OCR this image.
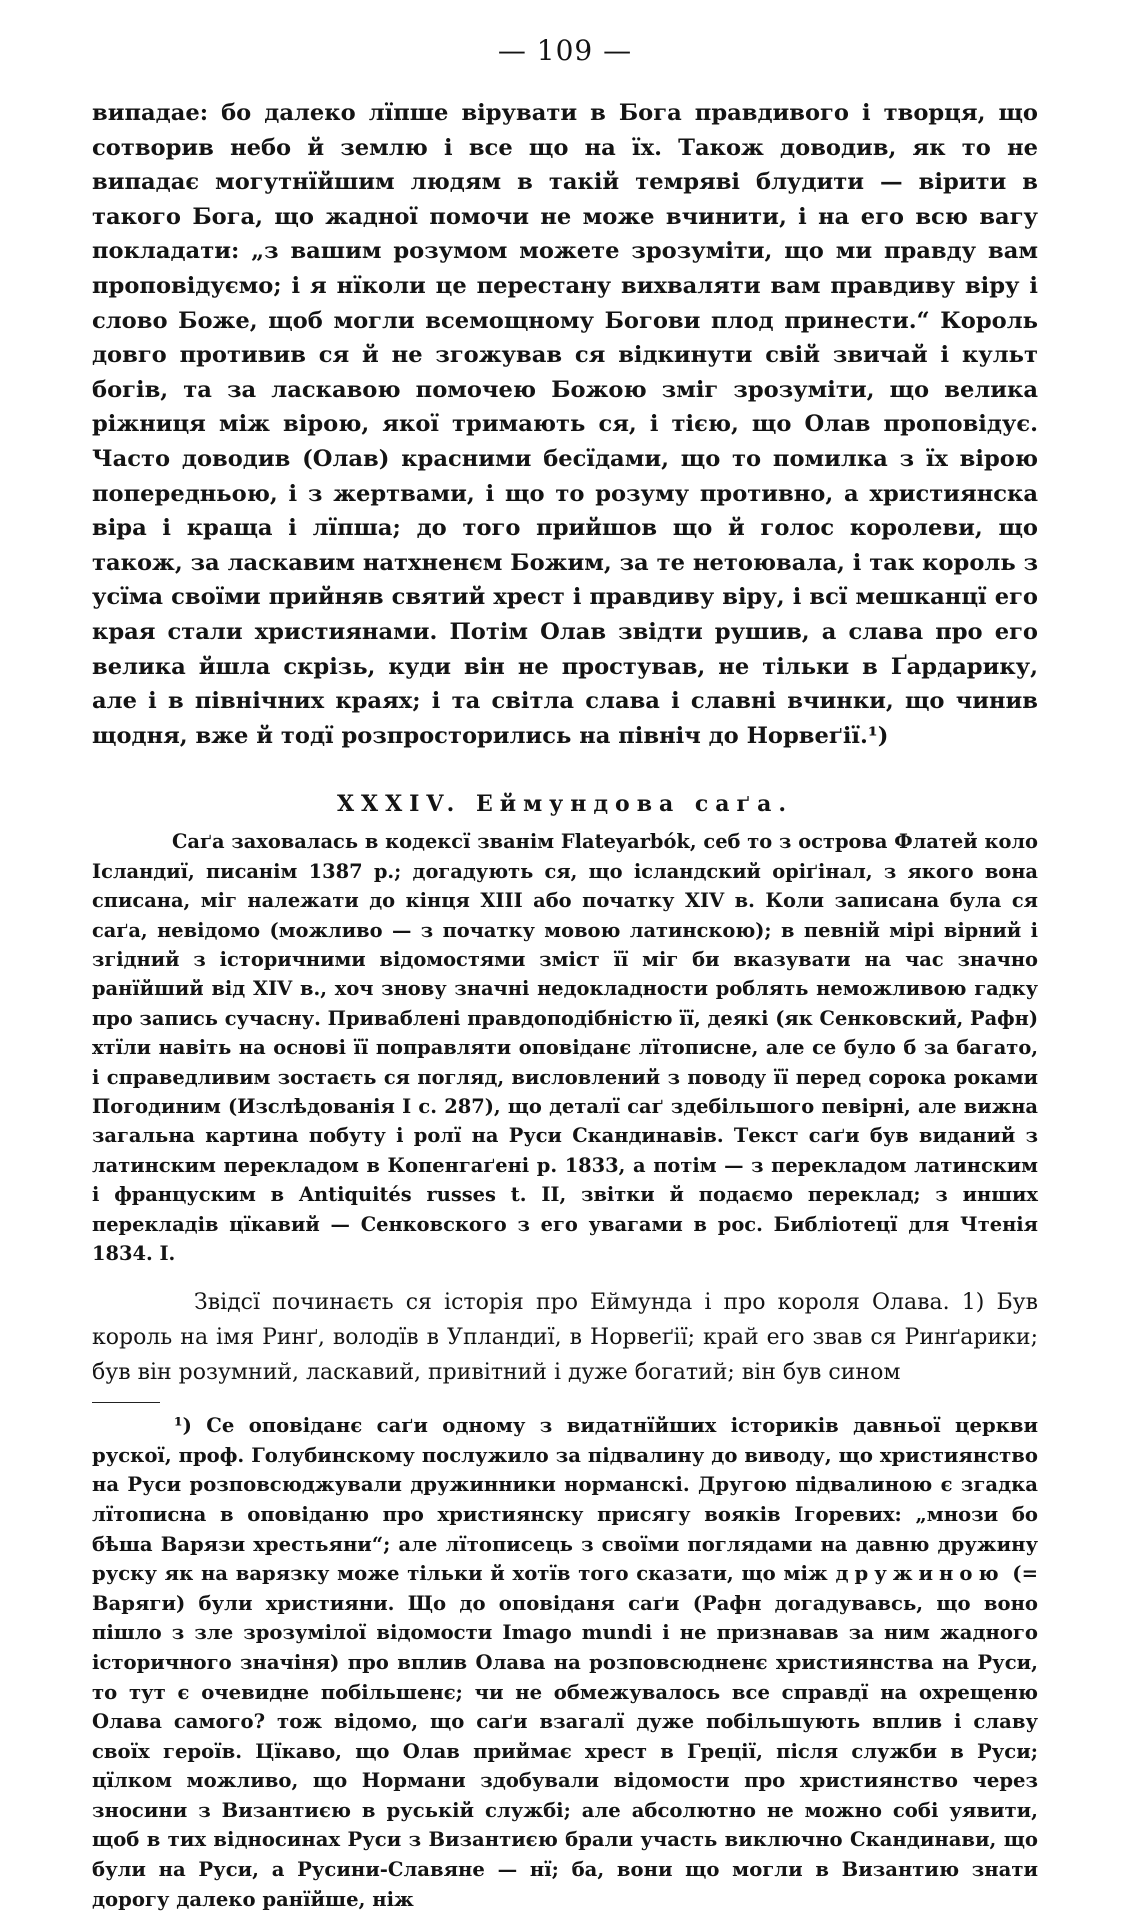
— 109 —

випадае: бо далеко лїпше вірувати в Бога правдивого і творця, що сотворив небо й землю і все що на їх. Також доводив, як то не випадає могутнїйшим людям в такій темряві блудити — вірити в такого Бога, що жадної помочи не може вчинити, і на его всю вагу покладати: „з вашим розумом можете зрозуміти, що ми правду вам проповідуємо; і я нїколи це перестану вихваляти вам правдиву віру і слово Боже, щоб могли всемощному Богови плод принести.“ Король довго противив ся й не згожував ся відкинути свій звичай і культ богів, та за ласкавою помочею Божою зміг зрозуміти, що велика ріжниця між вірою, якої тримають ся, і тією, що Олав проповідує. Часто доводив (Олав) красними бесїдами, що то помилка з їх вірою попередньою, і з жертвами, і що то розуму противно, а християнска віра і краща і лїпша; до того прийшов що й голос королеви, що також, за ласкавим натхненєм Божим, за те нетоювала, і так король з усїма своїми прийняв святий хрест і правдиву віру, і всї мешканцї его края стали християнами. Потім Олав звідти рушив, а слава про его велика йшла скрізь, куди він не простував, не тільки в Ґардарику, але і в північних краях; і та світла слава і славні вчинки, що чинив щодня, вже й тодї розпросторились на північ до Норвеґії.¹)

XXXIV. Еймундова саґа.

Саґа заховалась в кодексї званім Flateyarbók, себ то з острова Флатей коло Ісландиї, писанім 1387 р.; догадують ся, що ісландский оріґінал, з якого вона списана, міг належати до кінця XIII або початку XIV в. Коли записана була ся саґа, невідомо (можливо — з початку мовою латинскою); в певній мірі вірний і згідний з історичними відомостями зміст її міг би вказувати на час значно ранїйший від XIV в., хоч знову значні недокладности роблять неможливою гадку про запись сучасну. Приваблені правдоподібністю її, деякі (як Сенковский, Рафн) хтїли навіть на основі її поправляти оповіданє лїтописне, але се було б за багато, і справедливим зостаєть ся погляд, висловлений з поводу її перед сорока роками Погодиним (Изслѣдованія I с. 287), що деталї саґ здебільшого певірні, але вижна загальна картина побуту і ролї на Руси Скандинавів. Текст саґи був виданий з латинским перекладом в Копенгаґені р. 1833, а потім — з перекладом латинским і француским в Antiquités russes t. II, звітки й подаємо переклад; з инших перекладів цїкавий — Сенковского з его увагами в рос. Библіотецї для Чтенія 1834. I.

Звідсї починаєть ся історія про Еймунда і про короля Олава. 1) Був король на імя Ринґ, володїв в Упландиї, в Норвеґії; край его звав ся Ринґарики; був він розумний, ласкавий, привітний і дуже богатий; він був сином

¹) Се оповіданє саґи одному з видатнїйших істориків давньої церкви рускої, проф. Голубинскому послужило за підвалину до виводу, що християнство на Руси розповсюджували дружинники норманскі. Другою підвалиною є згадка лїтописна в оповіданю про християнску присягу вояків Ігоревих: „мнози бо бѣша Варязи хрестьяни“; але лїтописець з своїми поглядами на давню дружину руску як на варязку може тільки й хотїв того сказати, що між дружиною (= Варяги) були християни. Що до оповіданя саґи (Рафн догадувавсь, що воно пішло з зле зрозумілої відомости Imago mundi і не признавав за ним жадного історичного значіня) про вплив Олава на розповсюдненє християнства на Руси, то тут є очевидне побільшенє; чи не обмежувалось все справдї на охрещеню Олава самого? тож відомо, що саґи взагалї дуже побільшують вплив і славу своїх героїв. Цїкаво, що Олав приймає хрест в Греції, після служби в Руси; цїлком можливо, що Нормани здобували відомости про християнство через зносини з Византиєю в руській службі; але абсолютно не можно собі уявити, щоб в тих відносинах Руси з Византиєю брали участь виключно Скандинави, що були на Руси, а Русини-Славяне — нї; ба, вони що могли в Византию знати дорогу далеко ранїйше, ніж
